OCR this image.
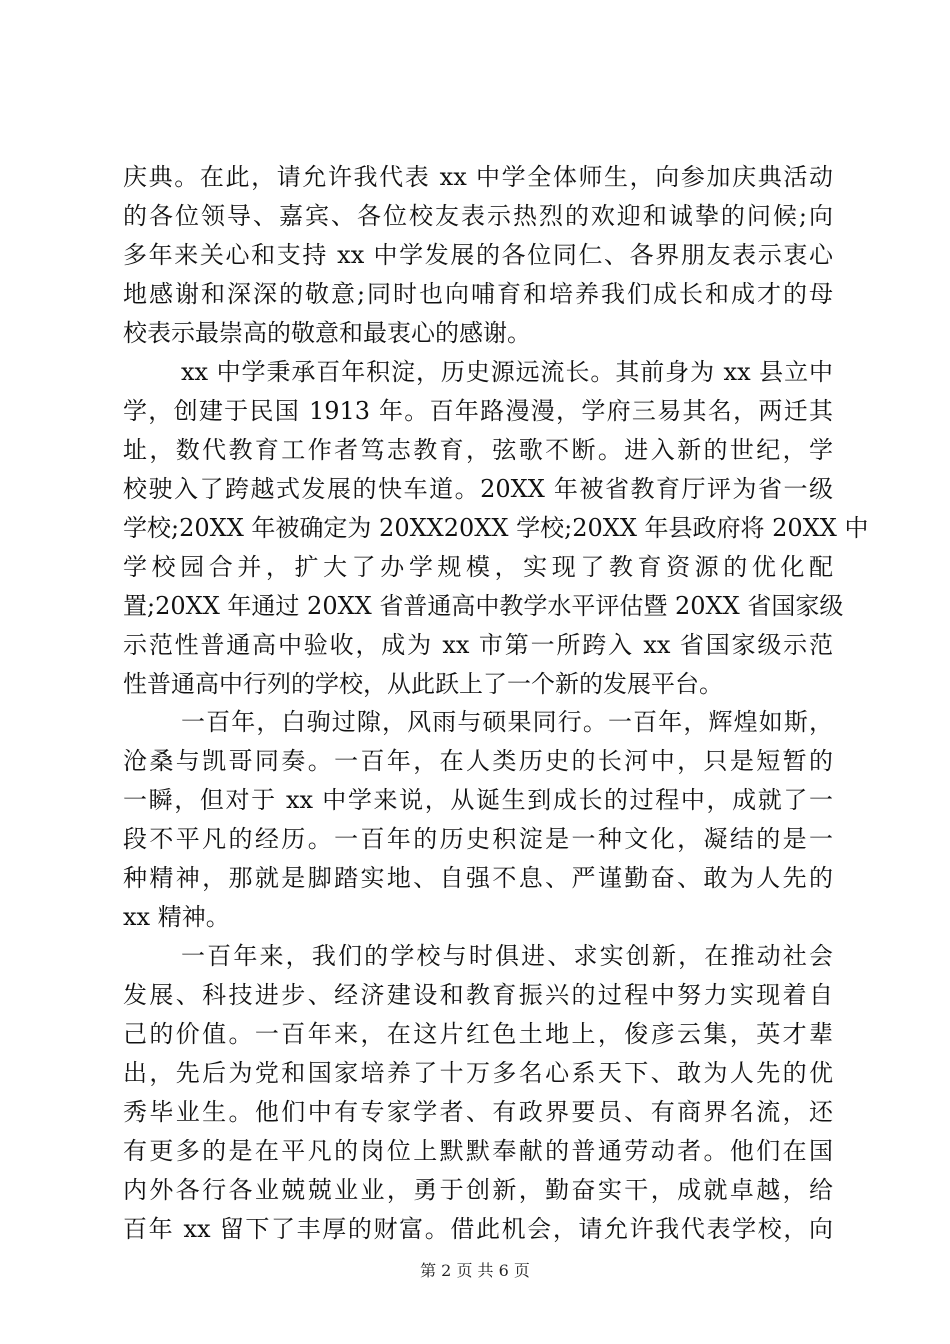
庆典。在此，请允许我代表 xx 中学全体师生，向参加庆典活动
的各位领导、嘉宾、各位校友表示热烈的欢迎和诚挚的问候;向
多年来关心和支持 xx 中学发展的各位同仁、各界朋友表示衷心
地感谢和深深的敬意;同时也向哺育和培养我们成长和成才的母
校表示最崇高的敬意和最衷心的感谢。
xx 中学秉承百年积淀，历史源远流长。其前身为 xx 县立中
学，创建于民国 1913 年。百年路漫漫，学府三易其名，两迁其
址，数代教育工作者笃志教育，弦歌不断。进入新的世纪，学
校驶入了跨越式发展的快车道。20XX 年被省教育厅评为省一级
学校;20XX 年被确定为 20XX20XX 学校;20XX 年县政府将 20XX 中
学校园合并，扩大了办学规模，实现了教育资源的优化配
置;20XX 年通过 20XX 省普通高中教学水平评估暨 20XX 省国家级
示范性普通高中验收，成为 xx 市第一所跨入 xx 省国家级示范
性普通高中行列的学校，从此跃上了一个新的发展平台。
一百年，白驹过隙，风雨与硕果同行。一百年，辉煌如斯，
沧桑与凯哥同奏。一百年，在人类历史的长河中，只是短暂的
一瞬，但对于 xx 中学来说，从诞生到成长的过程中，成就了一
段不平凡的经历。一百年的历史积淀是一种文化，凝结的是一
种精神，那就是脚踏实地、自强不息、严谨勤奋、敢为人先的
xx 精神。
一百年来，我们的学校与时俱进、求实创新，在推动社会
发展、科技进步、经济建设和教育振兴的过程中努力实现着自
己的价值。一百年来，在这片红色土地上，俊彦云集，英才辈
出，先后为党和国家培养了十万多名心系天下、敢为人先的优
秀毕业生。他们中有专家学者、有政界要员、有商界名流，还
有更多的是在平凡的岗位上默默奉献的普通劳动者。他们在国
内外各行各业兢兢业业，勇于创新，勤奋实干，成就卓越，给
百年 xx 留下了丰厚的财富。借此机会，请允许我代表学校，向
第 2 页 共 6 页
